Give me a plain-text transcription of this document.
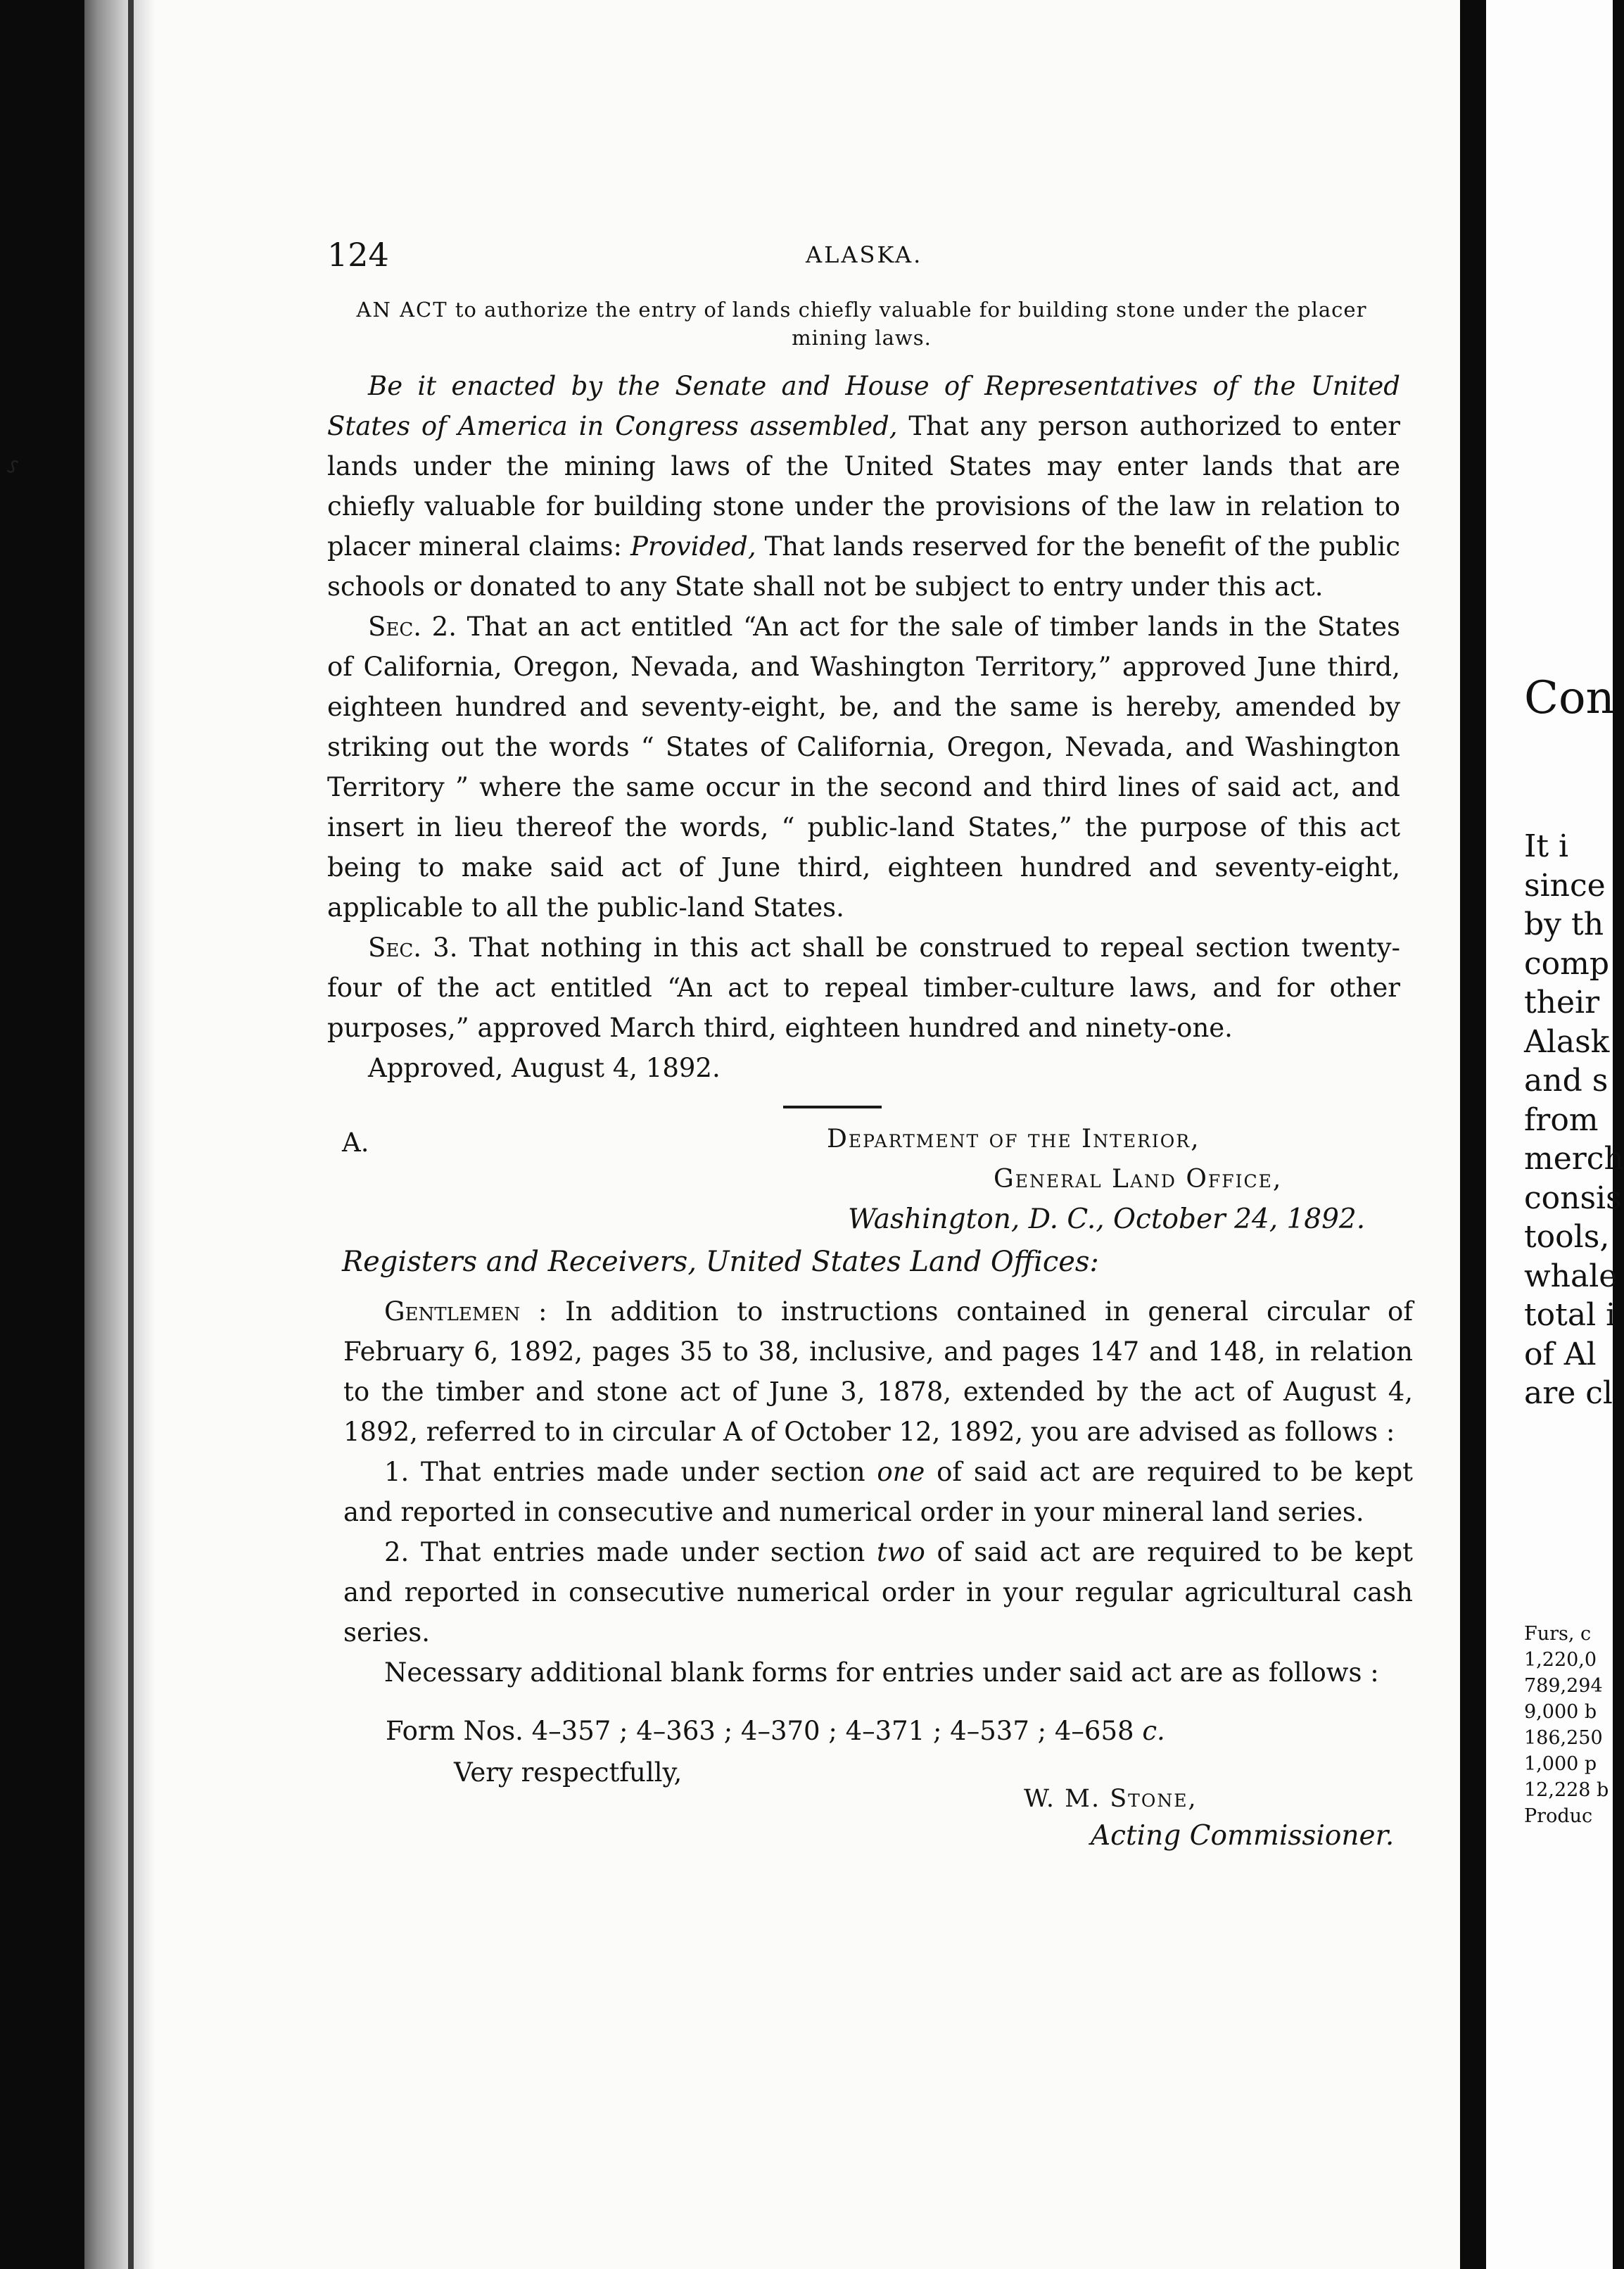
⸉
124	ALASKA.
AN ACT to authorize the entry of lands chiefly valuable for building stone under the placer mining laws.

Be it enacted by the Senate and House of Representatives of the United States of America in Congress assembled, That any person authorized to enter lands under the mining laws of the United States may enter lands that are chiefly valuable for building stone under the provisions of the law in relation to placer mineral claims: Provided, That lands reserved for the benefit of the public schools or donated to any State shall not be subject to entry under this act.

Sec. 2. That an act entitled “An act for the sale of timber lands in the States of California, Oregon, Nevada, and Washington Territory,” approved June third, eighteen hundred and seventy-eight, be, and the same is hereby, amended by striking out the words “ States of California, Oregon, Nevada, and Washington Territory ” where the same occur in the second and third lines of said act, and insert in lieu thereof the words, “ public-land States,” the purpose of this act being to make said act of June third, eighteen hundred and seventy-eight, applicable to all the public-land States.

Sec. 3. That nothing in this act shall be construed to repeal section twenty-four of the act entitled “An act to repeal timber-culture laws, and for other purposes,” approved March third, eighteen hundred and ninety-one.

Approved, August 4, 1892.

A.	Department of the Interior,
General Land Office,
Washington, D. C., October 24, 1892.
Registers and Receivers, United States Land Offices:

Gentlemen : In addition to instructions contained in general circular of February 6, 1892, pages 35 to 38, inclusive, and pages 147 and 148, in relation to the timber and stone act of June 3, 1878, extended by the act of August 4, 1892, referred to in circular A of October 12, 1892, you are advised as follows :

1. That entries made under section one of said act are required to be kept and reported in consecutive and numerical order in your mineral land series.

2. That entries made under section two of said act are required to be kept and reported in consecutive numerical order in your regular agricultural cash series.

Necessary additional blank forms for entries under said act are as follows :

Form Nos. 4–357 ; 4–363 ; 4–370 ; 4–371 ; 4–537 ; 4–658 c.
Very respectfully,
W. M. Stone,
Acting Commissioner.
Con
It i
since
by th
comp
their
Alask
and s
from
merch
consis
tools,
whale
total i
of Al
are cl
Furs, c
1,220,0
789,294
9,000 b
186,250
1,000 p
12,228 b
Produc
